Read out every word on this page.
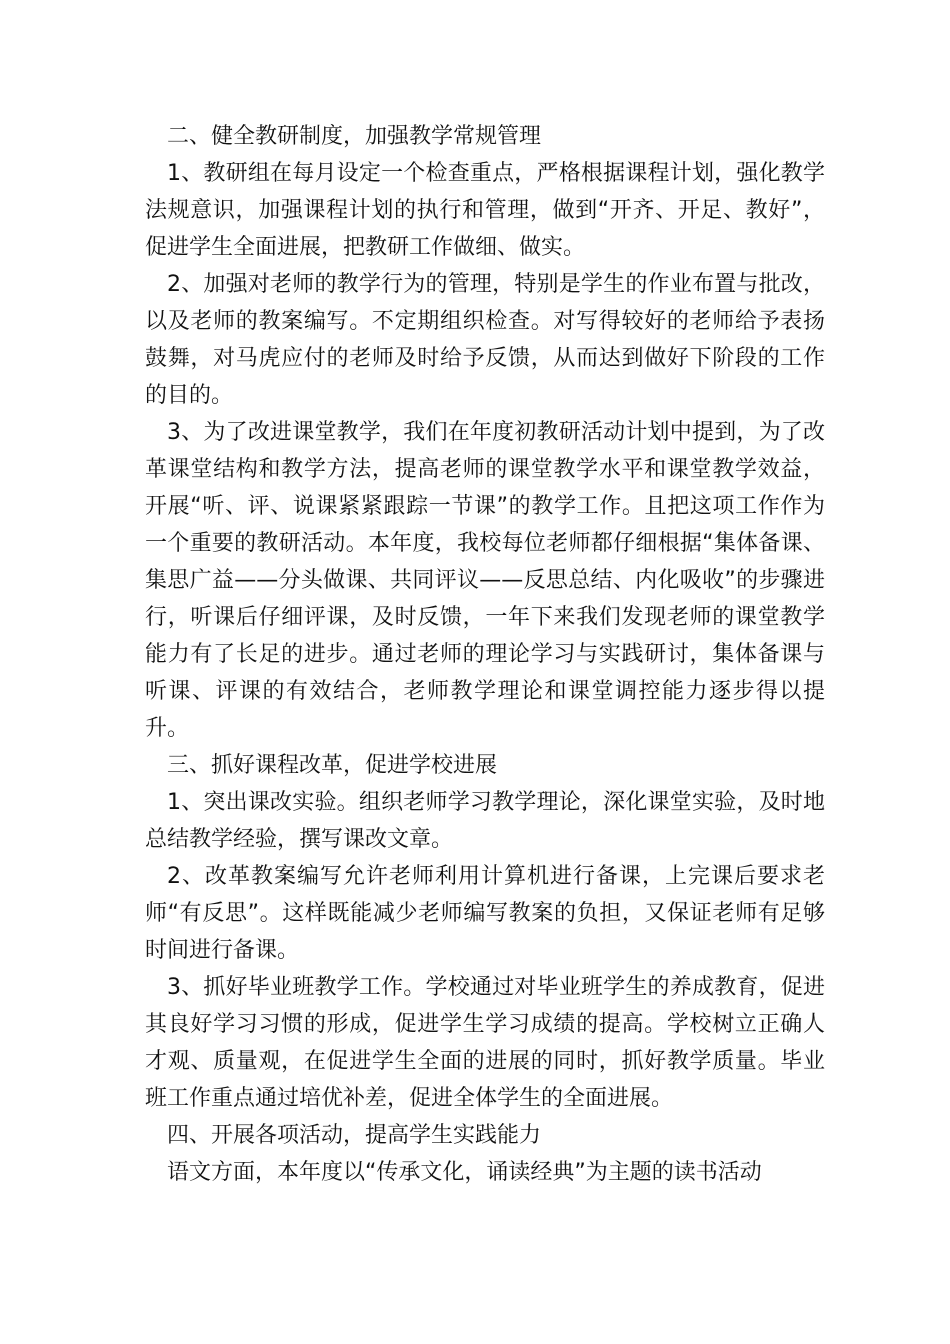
二、健全教研制度，加强教学常规管理

1、教研组在每月设定一个检查重点，严格根据课程计划，强化教学法规意识，加强课程计划的执行和管理，做到“开齐、开足、教好”，促进学生全面进展，把教研工作做细、做实。

2、加强对老师的教学行为的管理，特别是学生的作业布置与批改，以及老师的教案编写。不定期组织检查。对写得较好的老师给予表扬鼓舞，对马虎应付的老师及时给予反馈，从而达到做好下阶段的工作的目的。

3、为了改进课堂教学，我们在年度初教研活动计划中提到，为了改革课堂结构和教学方法，提高老师的课堂教学水平和课堂教学效益，开展“听、评、说课紧紧跟踪一节课”的教学工作。且把这项工作作为一个重要的教研活动。本年度，我校每位老师都仔细根据“集体备课、集思广益——分头做课、共同评议——反思总结、内化吸收”的步骤进行，听课后仔细评课，及时反馈，一年下来我们发现老师的课堂教学能力有了长足的进步。通过老师的理论学习与实践研讨，集体备课与听课、评课的有效结合，老师教学理论和课堂调控能力逐步得以提升。

三、抓好课程改革，促进学校进展

1、突出课改实验。组织老师学习教学理论，深化课堂实验，及时地总结教学经验，撰写课改文章。

2、改革教案编写允许老师利用计算机进行备课，上完课后要求老师“有反思”。这样既能减少老师编写教案的负担，又保证老师有足够时间进行备课。

3、抓好毕业班教学工作。学校通过对毕业班学生的养成教育，促进其良好学习习惯的形成，促进学生学习成绩的提高。学校树立正确人才观、质量观，在促进学生全面的进展的同时，抓好教学质量。毕业班工作重点通过培优补差，促进全体学生的全面进展。

四、开展各项活动，提高学生实践能力

语文方面，本年度以“传承文化，诵读经典”为主题的读书活动
